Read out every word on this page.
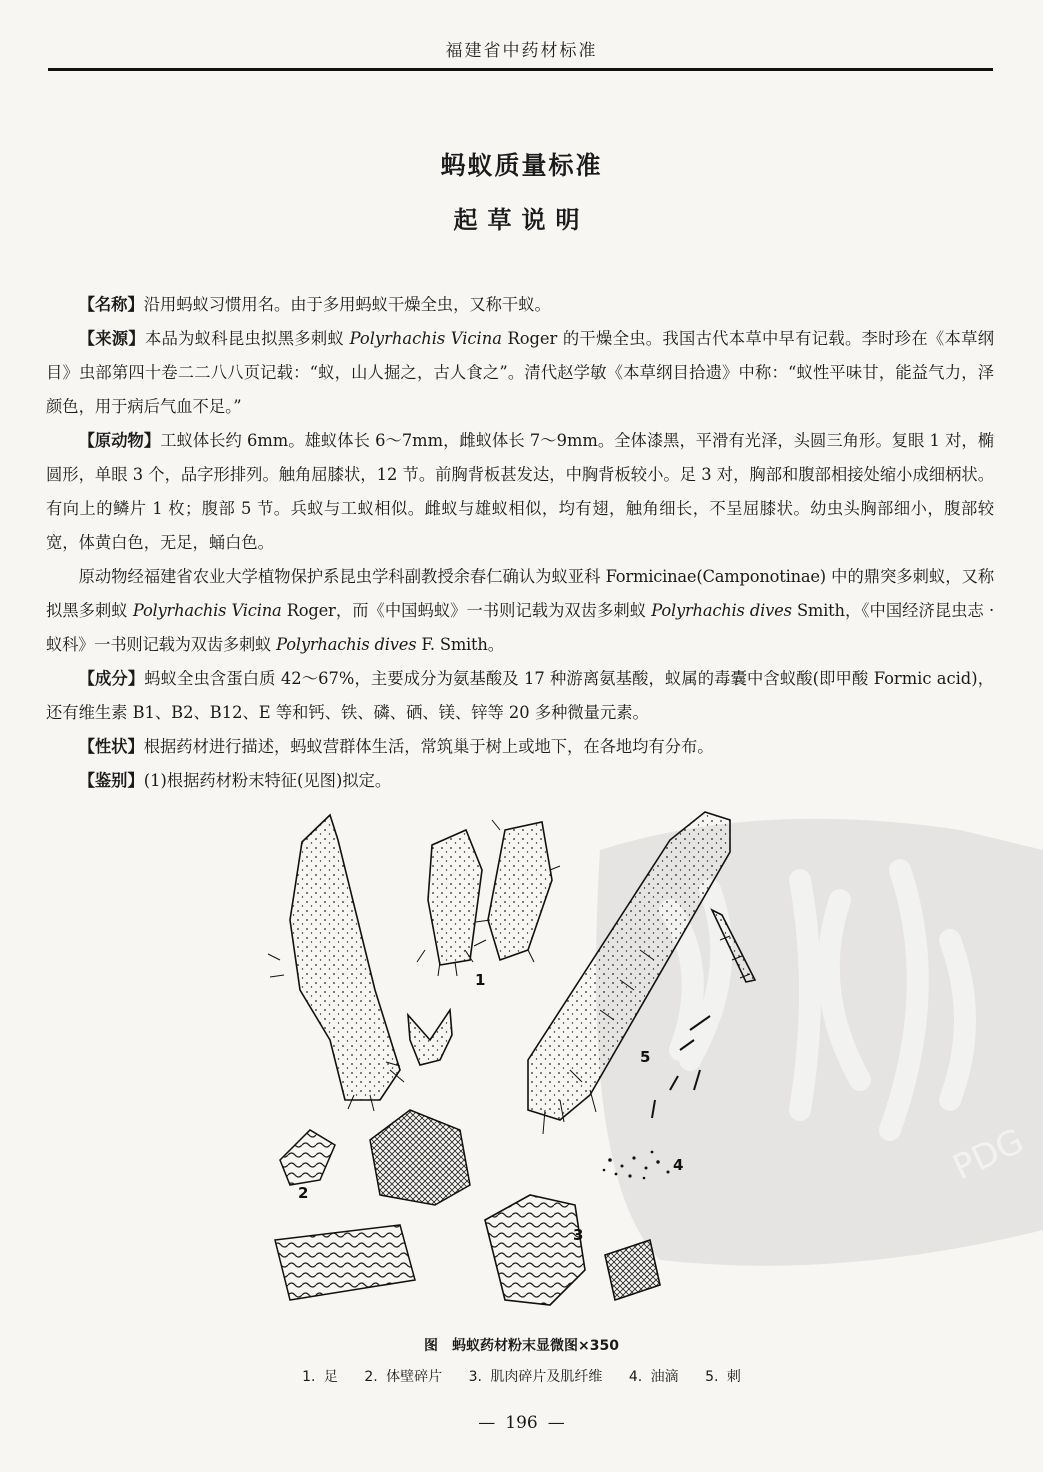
福建省中药材标准
蚂蚁质量标准
起草说明

【名称】沿用蚂蚁习惯用名。由于多用蚂蚁干燥全虫，又称干蚁。

【来源】本品为蚁科昆虫拟黑多刺蚁 Polyrhachis Vicina Roger 的干燥全虫。我国古代本草中早有记载。李时珍在《本草纲目》虫部第四十卷二二八八页记载：“蚁，山人掘之，古人食之”。清代赵学敏《本草纲目拾遗》中称：“蚁性平味甘，能益气力，泽颜色，用于病后气血不足。”

【原动物】工蚁体长约 6mm。雄蚁体长 6～7mm，雌蚁体长 7～9mm。全体漆黑，平滑有光泽，头圆三角形。复眼 1 对，椭圆形，单眼 3 个，品字形排列。触角屈膝状，12 节。前胸背板甚发达，中胸背板较小。足 3 对，胸部和腹部相接处缩小成细柄状。有向上的鳞片 1 枚；腹部 5 节。兵蚁与工蚁相似。雌蚁与雄蚁相似，均有翅，触角细长，不呈屈膝状。幼虫头胸部细小，腹部较宽，体黄白色，无足，蛹白色。

原动物经福建省农业大学植物保护系昆虫学科副教授余春仁确认为蚁亚科 Formicinae(Camponotinae) 中的鼎突多刺蚁，又称拟黑多刺蚁 Polyrhachis Vicina Roger，而《中国蚂蚁》一书则记载为双齿多刺蚁 Polyrhachis dives Smith，《中国经济昆虫志 · 蚁科》一书则记载为双齿多刺蚁 Polyrhachis dives F. Smith。

【成分】蚂蚁全虫含蛋白质 42～67%，主要成分为氨基酸及 17 种游离氨基酸，蚁属的毒囊中含蚁酸(即甲酸 Formic acid)，还有维生素 B1、B2、B12、E 等和钙、铁、磷、硒、镁、锌等 20 多种微量元素。

【性状】根据药材进行描述，蚂蚁营群体生活，常筑巢于树上或地下，在各地均有分布。

【鉴别】(1)根据药材粉末特征(见图)拟定。

PDG
1
2
3
4
5
图　蚂蚁药材粉末显微图×350
1. 足 2. 体壁碎片 3. 肌肉碎片及肌纤维 4. 油滴 5. 刺
— 196 —
